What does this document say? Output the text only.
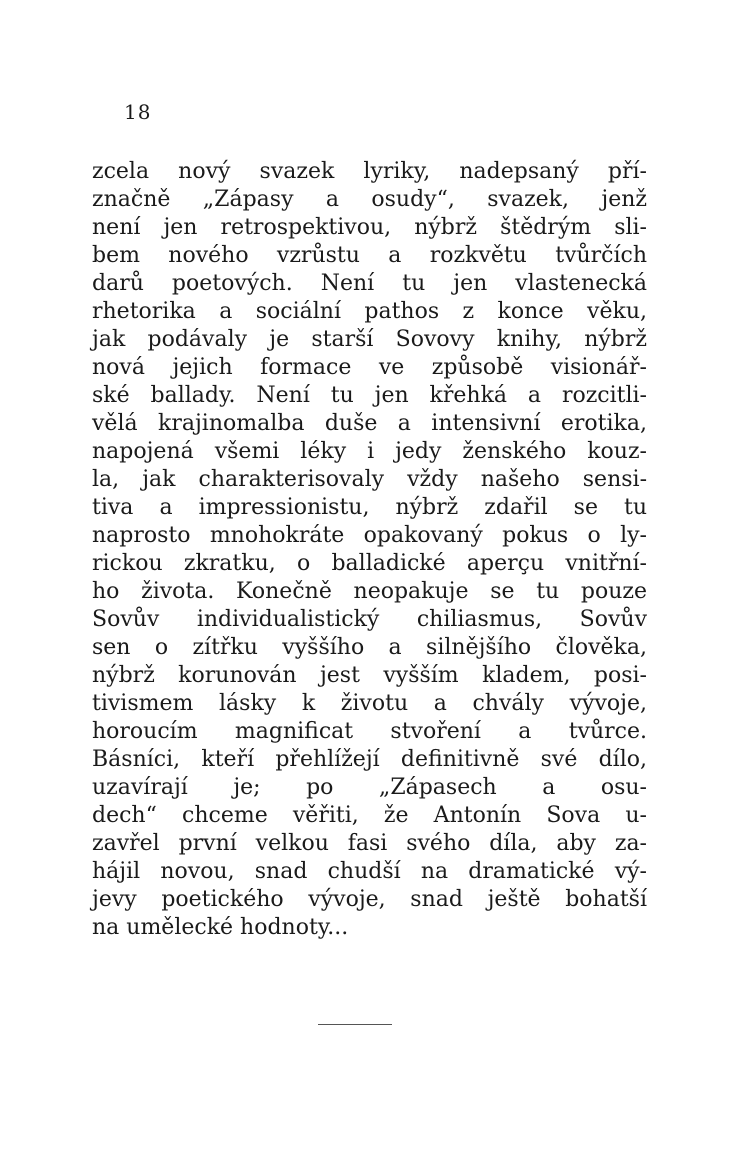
18
zcela nový svazek lyriky, nadepsaný pří-
značně „Zápasy a osudy“, svazek, jenž
není jen retrospektivou, nýbrž štědrým sli-
bem nového vzrůstu a rozkvětu tvůrčích
darů poetových. Není tu jen vlastenecká
rhetorika a sociální pathos z konce věku,
jak podávaly je starší Sovovy knihy, nýbrž
nová jejich formace ve způsobě visionář-
ské ballady. Není tu jen křehká a rozcitli-
vělá krajinomalba duše a intensivní erotika,
napojená všemi léky i jedy ženského kouz-
la, jak charakterisovaly vždy našeho sensi-
tiva a impressionistu, nýbrž zdařil se tu
naprosto mnohokráte opakovaný pokus o ly-
rickou zkratku, o balladické aperçu vnitřní-
ho života. Konečně neopakuje se tu pouze
Sovův individualistický chiliasmus, Sovův
sen o zítřku vyššího a silnějšího člověka,
nýbrž korunován jest vyšším kladem, posi-
tivismem lásky k životu a chvály vývoje,
horoucím magnificat stvoření a tvůrce.
Básníci, kteří přehlížejí definitivně své dílo,
uzavírají je; po „Zápasech a osu-
dech“ chceme věřiti, že Antonín Sova u-
zavřel první velkou fasi svého díla, aby za-
hájil novou, snad chudší na dramatické vý-
jevy poetického vývoje, snad ještě bohatší
na umělecké hodnoty...
